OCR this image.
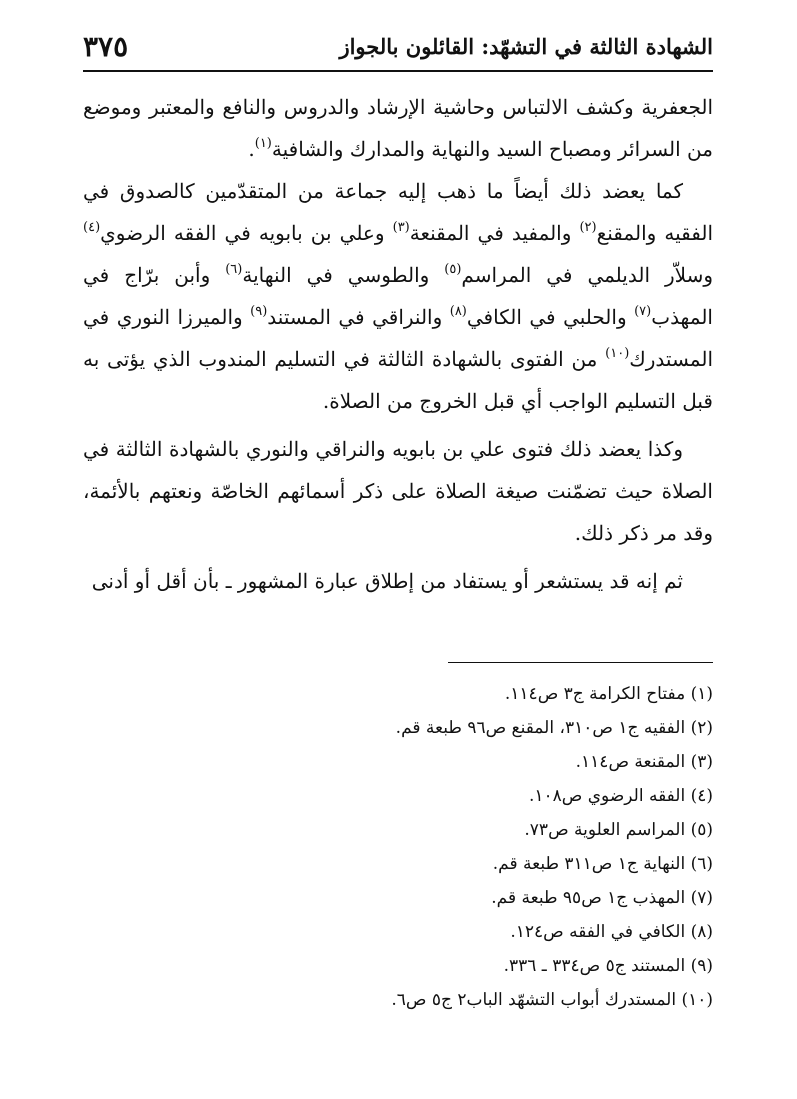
الشهادة الثالثة في التشهّد: القائلون بالجواز
٣٧٥

الجعفرية وكشف الالتباس وحاشية الإرشاد والدروس والنافع والمعتبر وموضع من السرائر ومصباح السيد والنهاية والمدارك والشافية$^{(١)}$.

كما يعضد ذلك أيضاً ما ذهب إليه جماعة من المتقدّمين كالصدوق في الفقيه والمقنع$^{(٢)}$ والمفيد في المقنعة$^{(٣)}$ وعلي بن بابويه في الفقه الرضوي$^{(٤)}$ وسلاّر الديلمي في المراسم$^{(٥)}$ والطوسي في النهاية$^{(٦)}$ وأبن برّاج في المهذب$^{(٧)}$ والحلبي في الكافي$^{(٨)}$ والنراقي في المستند$^{(٩)}$ والميرزا النوري في المستدرك$^{(١٠)}$ من الفتوى بالشهادة الثالثة في التسليم المندوب الذي يؤتى به قبل التسليم الواجب أي قبل الخروج من الصلاة.

وكذا يعضد ذلك فتوى علي بن بابويه والنراقي والنوري بالشهادة الثالثة في الصلاة حيث تضمّنت صيغة الصلاة على ذكر أسمائهم الخاصّة ونعتهم بالأئمة، وقد مر ذكر ذلك.

ثم إنه قد يستشعر أو يستفاد من إطلاق عبارة المشهور ـ بأن أقل أو أدنى

(١) مفتاح الكرامة ج٣ ص١١٤.
(٢) الفقيه ج١ ص٣١٠، المقنع ص٩٦ طبعة قم.
(٣) المقنعة ص١١٤.
(٤) الفقه الرضوي ص١٠٨.
(٥) المراسم العلوية ص٧٣.
(٦) النهاية ج١ ص٣١١ طبعة قم.
(٧) المهذب ج١ ص٩٥ طبعة قم.
(٨) الكافي في الفقه ص١٢٤.
(٩) المستند ج٥ ص٣٣٤ ـ ٣٣٦.
(١٠) المستدرك أبواب التشهّد الباب٢ ج٥ ص٦.
